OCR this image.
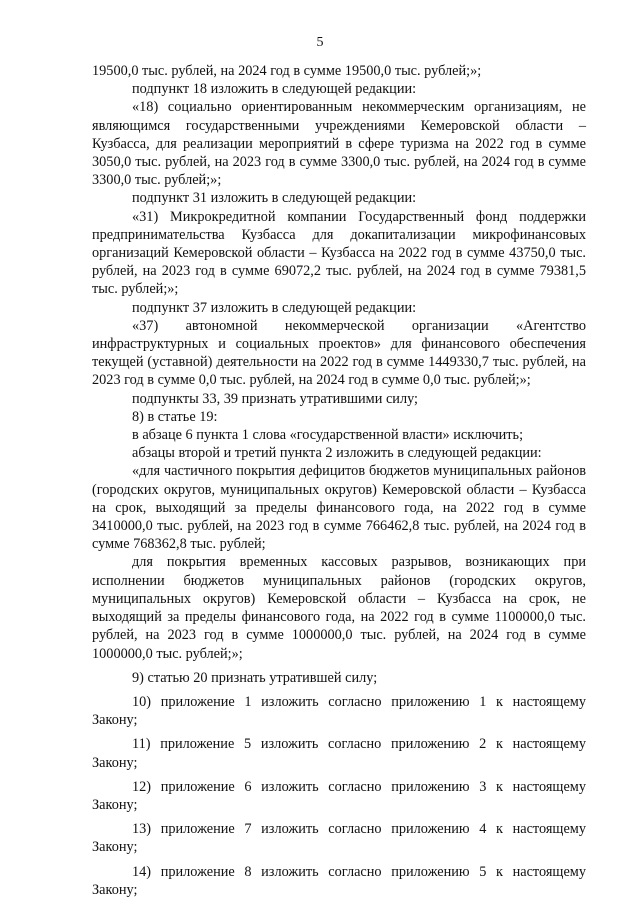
5

19500,0 тыс. рублей, на 2024 год в сумме 19500,0 тыс. рублей;»;

подпункт 18 изложить в следующей редакции:

«18) социально ориентированным некоммерческим организациям, не являющимся государственными учреждениями Кемеровской области – Кузбасса, для реализации мероприятий в сфере туризма на 2022 год в сумме 3050,0 тыс. рублей, на 2023 год в сумме 3300,0 тыс. рублей, на 2024 год в сумме 3300,0 тыс. рублей;»;

подпункт 31 изложить в следующей редакции:

«31) Микрокредитной компании Государственный фонд поддержки предпринимательства Кузбасса для докапитализации микрофинансовых организаций Кемеровской области – Кузбасса на 2022 год в сумме 43750,0 тыс. рублей, на 2023 год в сумме 69072,2 тыс. рублей, на 2024 год в сумме 79381,5 тыс. рублей;»;

подпункт 37 изложить в следующей редакции:

«37) автономной некоммерческой организации «Агентство инфраструктурных и социальных проектов» для финансового обеспечения текущей (уставной) деятельности на 2022 год в сумме 1449330,7 тыс. рублей, на 2023 год в сумме 0,0 тыс. рублей, на 2024 год в сумме 0,0 тыс. рублей;»;

подпункты 33, 39 признать утратившими силу;

8) в статье 19:

в абзаце 6 пункта 1 слова «государственной власти» исключить;

абзацы второй и третий пункта 2 изложить в следующей редакции:

«для частичного покрытия дефицитов бюджетов муниципальных районов (городских округов, муниципальных округов) Кемеровской области – Кузбасса на срок, выходящий за пределы финансового года, на 2022 год в сумме 3410000,0 тыс. рублей, на 2023 год в сумме 766462,8 тыс. рублей, на 2024 год в сумме 768362,8 тыс. рублей;

для покрытия временных кассовых разрывов, возникающих при исполнении бюджетов муниципальных районов (городских округов, муниципальных округов) Кемеровской области – Кузбасса на срок, не выходящий за пределы финансового года, на 2022 год в сумме 1100000,0 тыс. рублей, на 2023 год в сумме 1000000,0 тыс. рублей, на 2024 год в сумме 1000000,0 тыс. рублей;»;

9) статью 20 признать утратившей силу;

10) приложение 1 изложить согласно приложению 1 к настоящему Закону;

11) приложение 5 изложить согласно приложению 2 к настоящему Закону;

12) приложение 6 изложить согласно приложению 3 к настоящему Закону;

13) приложение 7 изложить согласно приложению 4 к настоящему Закону;

14) приложение 8 изложить согласно приложению 5 к настоящему Закону;
